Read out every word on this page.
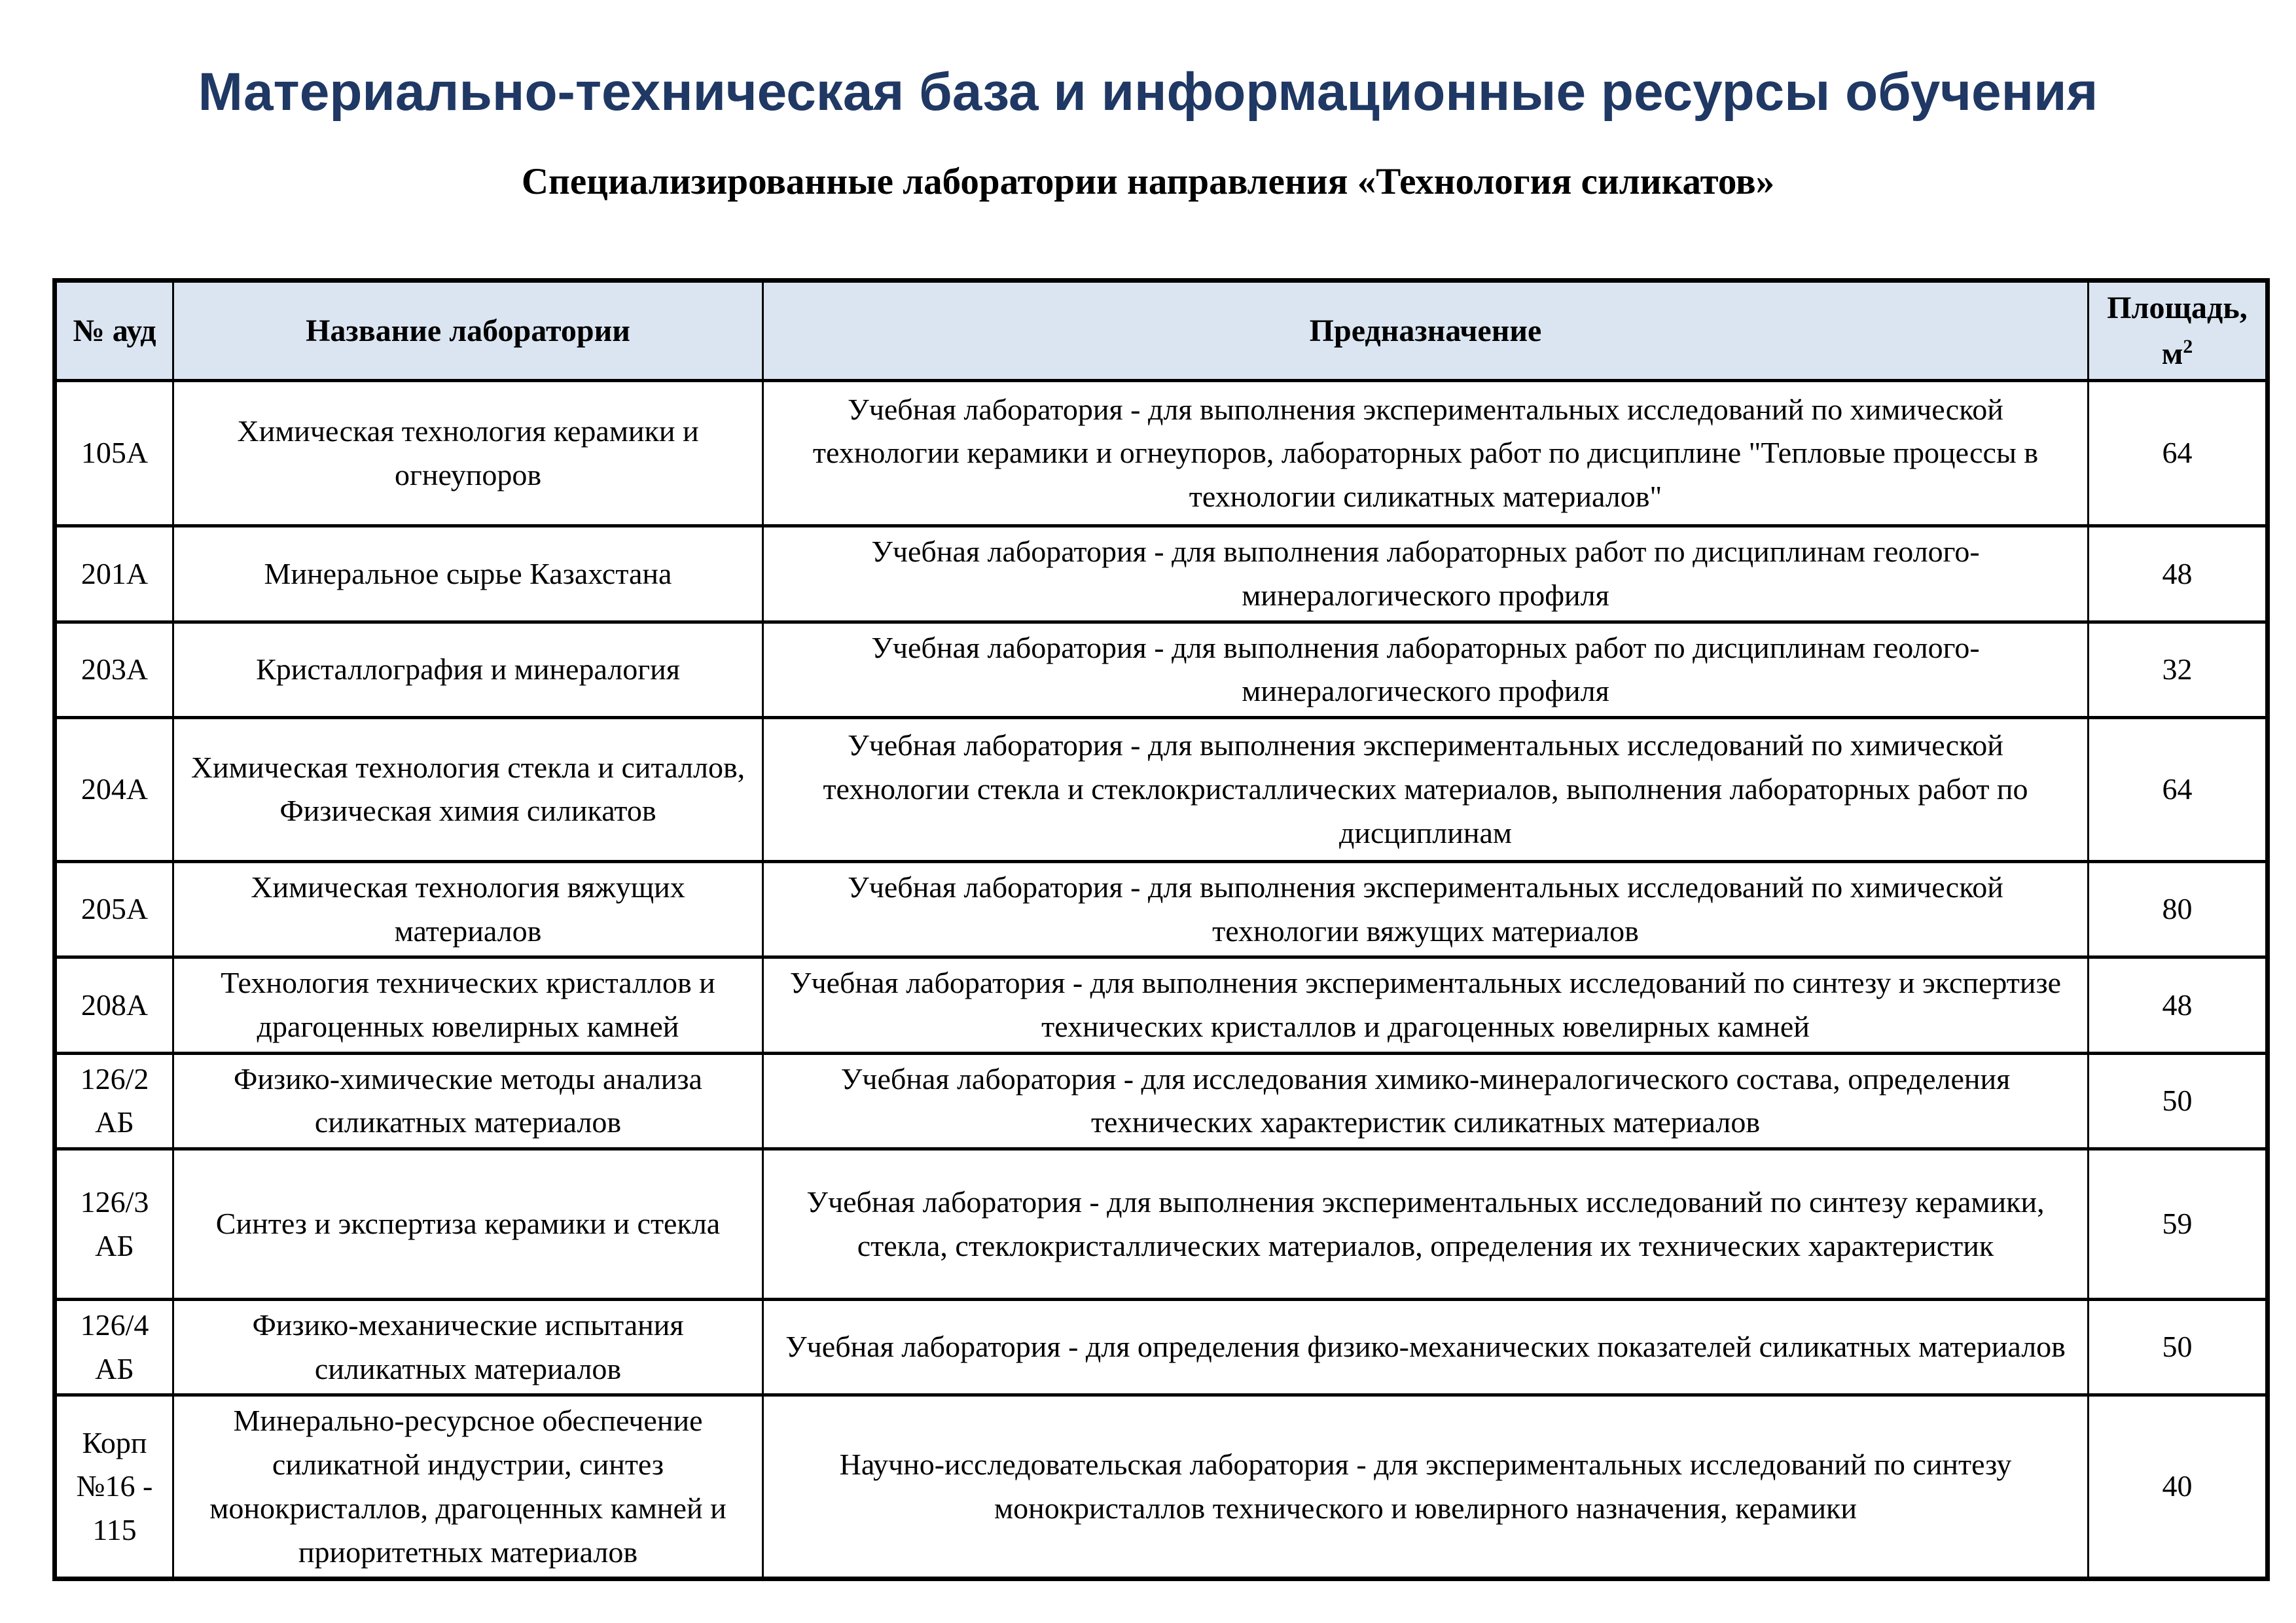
Материально-техническая база и информационные ресурсы обучения
Специализированные лаборатории направления «Технология силикатов»
№ ауд	Название лаборатории	Предназначение	Площадь,
$м^2$
105А	Химическая технология керамики и огнеупоров	Учебная лаборатория - для выполнения экспериментальных исследований по химической технологии керамики и огнеупоров, лабораторных работ по дисциплине "Тепловые процессы в технологии силикатных материалов"	64
201А	Минеральное сырье Казахстана	Учебная лаборатория - для выполнения лабораторных работ по дисциплинам геолого-минералогического профиля	48
203А	Кристаллография и минералогия	Учебная лаборатория - для выполнения лабораторных работ по дисциплинам геолого-минералогического профиля	32
204А	Химическая технология стекла и ситаллов, Физическая химия силикатов	Учебная лаборатория - для выполнения экспериментальных исследований по химической технологии стекла и стеклокристаллических материалов, выполнения лабораторных работ по дисциплинам	64
205А	Химическая технология вяжущих материалов	Учебная лаборатория - для выполнения экспериментальных исследований по химической технологии вяжущих материалов	80
208А	Технология технических кристаллов и драгоценных ювелирных камней	Учебная лаборатория - для выполнения экспериментальных исследований по синтезу и экспертизе технических кристаллов и драгоценных ювелирных камней	48
126/2 АБ	Физико-химические методы анализа силикатных материалов	Учебная лаборатория - для исследования химико-минералогического состава, определения технических характеристик силикатных материалов	50
126/3 АБ	Синтез и экспертиза керамики и стекла	Учебная лаборатория - для выполнения экспериментальных исследований по синтезу керамики, стекла, стеклокристаллических материалов, определения их технических характеристик	59
126/4 АБ	Физико-механические испытания силикатных материалов	Учебная лаборатория - для определения физико-механических показателей силикатных материалов	50
Корп №16 - 115	Минерально-ресурсное обеспечение силикатной индустрии, синтез монокристаллов, драгоценных камней и приоритетных материалов	Научно-исследовательская лаборатория - для экспериментальных исследований по синтезу монокристаллов технического и ювелирного назначения, керамики	40
